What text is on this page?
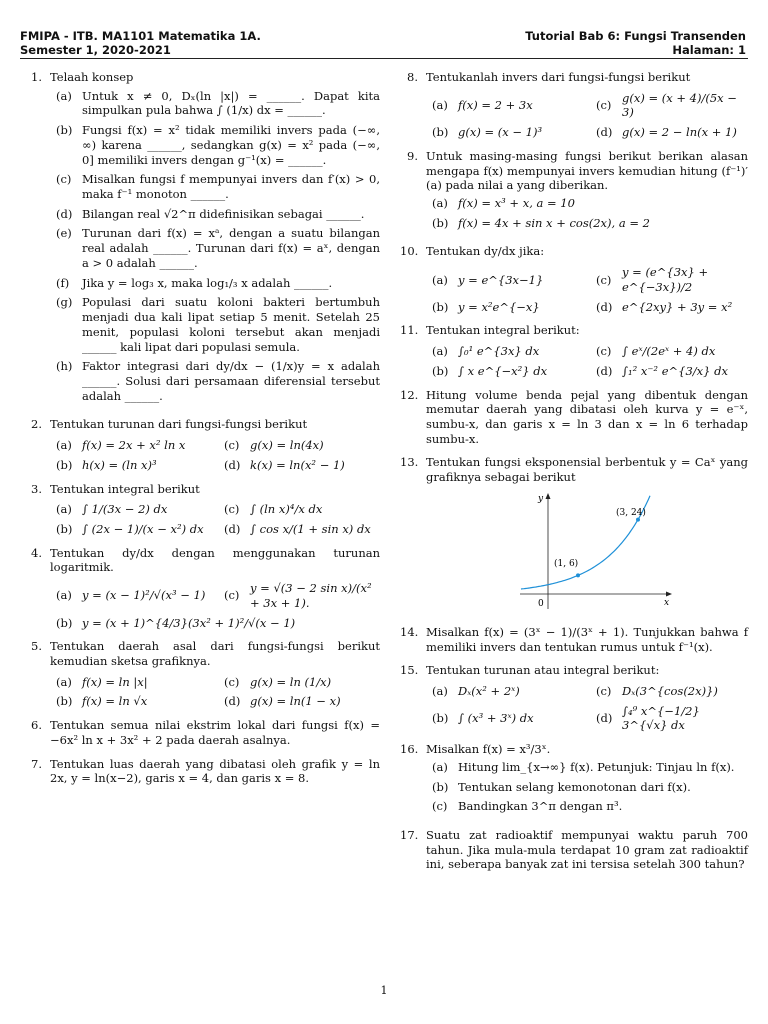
FMIPA - ITB. MA1101 Matematika 1A.
Semester 1, 2020-2021
Tutorial Bab 6: Fungsi Transenden
Halaman: 1
1. Telaah konsep
(a) Untuk x ≠ 0, Dₓ(ln |x|) = ______. Dapat kita simpulkan pula bahwa ∫ (1/x) dx = ______.
(b) Fungsi f(x) = x² tidak memiliki invers pada (−∞, ∞) karena ______, sedangkan g(x) = x² pada (−∞, 0] memiliki invers dengan g⁻¹(x) = ______.
(c) Misalkan fungsi f mempunyai invers dan f′(x) > 0, maka f⁻¹ monoton ______.
(d) Bilangan real √2^π didefinisikan sebagai ______.
(e) Turunan dari f(x) = xᵃ, dengan a suatu bilangan real adalah ______. Turunan dari f(x) = aˣ, dengan a > 0 adalah ______.
(f)	Jika y = log₃ x, maka log₁/₃ x adalah ______.
(g) Populasi dari suatu koloni bakteri bertumbuh menjadi dua kali lipat setiap 5 menit. Setelah 25 menit, populasi koloni tersebut akan menjadi ______ kali lipat dari populasi semula.
(h) Faktor integrasi dari dy/dx − (1/x)y = x adalah ______. Solusi dari persamaan diferensial tersebut adalah ______.
2. Tentukan turunan dari fungsi-fungsi berikut
(a) f(x) = 2x + x² ln x	(c) g(x) = ln(4x)
(b) h(x) = (ln x)³	(d) k(x) = ln(x² − 1)
3. Tentukan integral berikut
(a) ∫ 1/(3x − 2) dx	(c) ∫ (ln x)⁴/x dx
(b) ∫ (2x − 1)/(x − x²) dx (d) ∫ cos x/(1 + sin x) dx
4. Tentukan dy/dx dengan menggunakan turunan logaritmik.
(a) y = (x − 1)²/√(x³ − 1) (c)
y = √(3 − 2 sin x)/(x² + 3x + 1).
(b) y = (x + 1)^{4/3}(3x² + 1)²/√(x − 1)
5. Tentukan daerah asal dari fungsi-fungsi berikut kemudian sketsa grafiknya.
(a) f(x) = ln |x|	(c) g(x) = ln (1/x)
(b) f(x) = ln √x	(d) g(x) = ln(1 − x)
6. Tentukan semua nilai ekstrim lokal dari fungsi f(x) = −6x² ln x + 3x² + 2 pada daerah asalnya.
7. Tentukan luas daerah yang dibatasi oleh grafik y = ln 2x, y = ln(x−2), garis x = 4, dan garis x = 8.
8. Tentukanlah invers dari fungsi-fungsi berikut
(a) f(x) = 2 + 3x	(c)
g(x) = (x + 4)/(5x − 3)
(b) g(x) = (x − 1)³	(d) g(x) = 2 − ln(x + 1)
9. Untuk masing-masing fungsi berikut berikan alasan mengapa f(x) mempunyai invers kemudian hitung (f⁻¹)′(a) pada nilai a yang diberikan.
(a) f(x) = x³ + x, a = 10
(b) f(x) = 4x + sin x + cos(2x), a = 2
10. Tentukan dy/dx jika:
(a) y = e^{3x−1}	(c)
y = (e^{3x} + e^{−3x})/2
(b) y = x²e^{−x}	(d) e^{2xy} + 3y = x²
11. Tentukan integral berikut:
(a) ∫₀¹ e^{3x} dx	(c) ∫ eˣ/(2eˣ + 4) dx
(b) ∫ x e^{−x²} dx	(d) ∫₁² x⁻² e^{3/x} dx
12. Hitung volume benda pejal yang dibentuk dengan memutar daerah yang dibatasi oleh kurva y = e⁻ˣ, sumbu-x, dan garis x = ln 3 dan x = ln 6 terhadap sumbu-x.
13. Tentukan fungsi eksponensial berbentuk y = Caˣ yang grafiknya sebagai berikut
y
x
0
(1, 6)
(3, 24)
14. Misalkan f(x) = (3ˣ − 1)/(3ˣ + 1). Tunjukkan bahwa f memiliki invers dan tentukan rumus untuk f⁻¹(x).
15. Tentukan turunan atau integral berikut:
(a) Dₓ(x² + 2ˣ)	(c) Dₓ(3^{cos(2x)})
(b) ∫ (x³ + 3ˣ) dx	(d)
∫₄⁹ x^{−1/2} 3^{√x} dx
16. Misalkan f(x) = x³/3ˣ.
(a) Hitung lim_{x→∞} f(x). Petunjuk: Tinjau ln f(x).
(b) Tentukan selang kemonotonan dari f(x).
(c) Bandingkan 3^π dengan π³.
17. Suatu zat radioaktif mempunyai waktu paruh 700 tahun. Jika mula-mula terdapat 10 gram zat radioaktif ini, seberapa banyak zat ini tersisa setelah 300 tahun?
1
